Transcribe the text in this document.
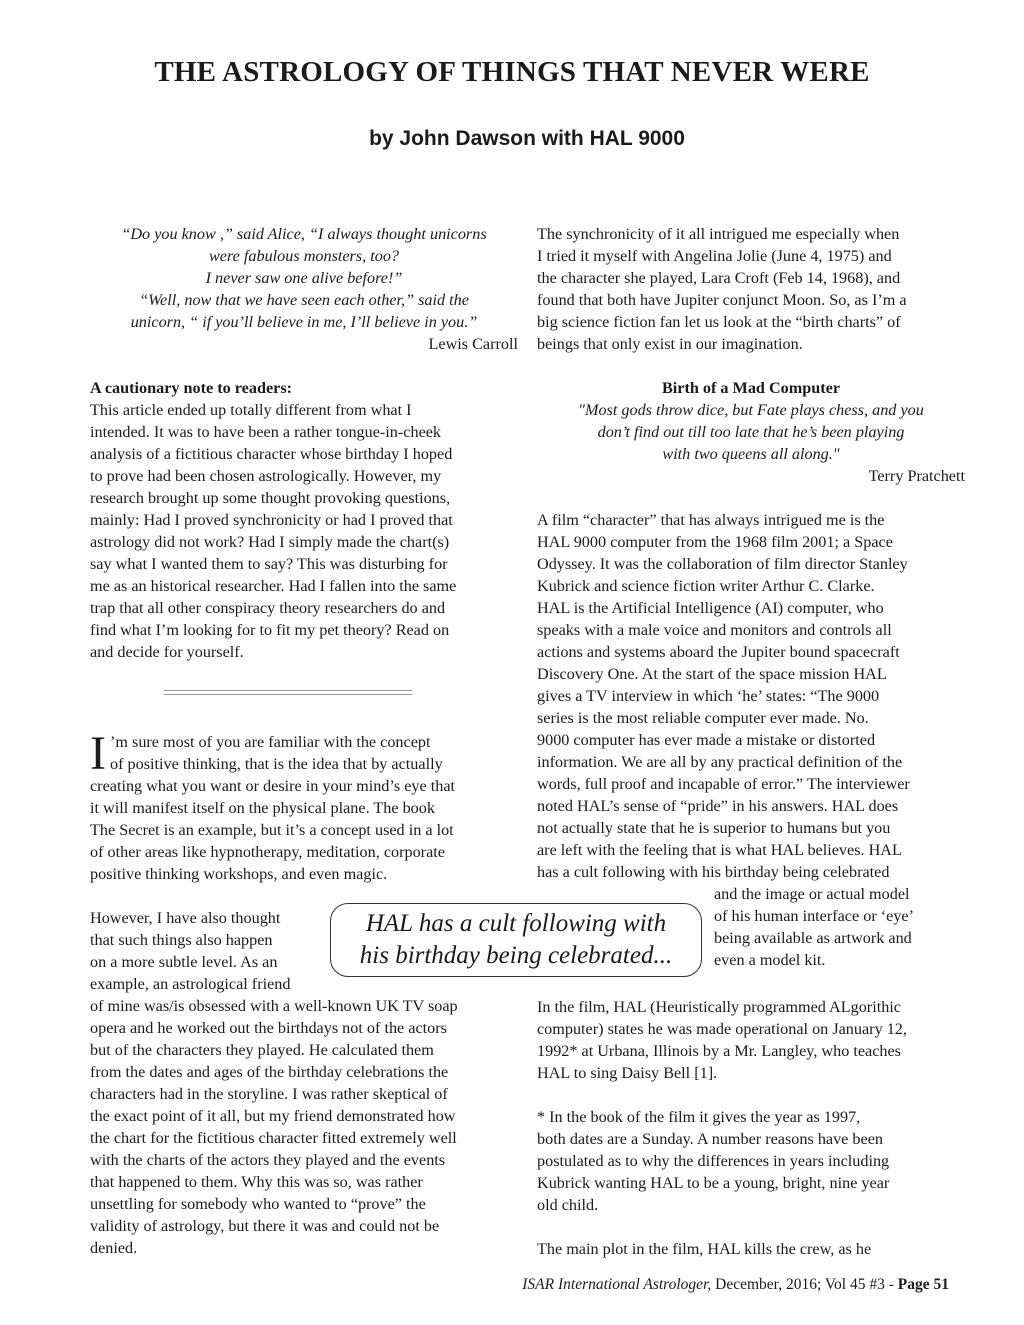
THE ASTROLOGY OF THINGS THAT NEVER WERE
by John Dawson with HAL 9000

“Do you know ,” said Alice, “I always thought unicorns

were fabulous monsters, too?

I never saw one alive before!”

“Well, now that we have seen each other,” said the

unicorn, “ if you’ll believe in me, I’ll believe in you.”

Lewis Carroll

A cautionary note to readers:

This article ended up totally different from what I

intended. It was to have been a rather tongue-in-cheek

analysis of a fictitious character whose birthday I hoped

to prove had been chosen astrologically. However, my

research brought up some thought provoking questions,

mainly: Had I proved synchronicity or had I proved that

astrology did not work? Had I simply made the chart(s)

say what I wanted them to say? This was disturbing for

me as an historical researcher. Had I fallen into the same

trap that all other conspiracy theory researchers do and

find what I’m looking for to fit my pet theory? Read on

and decide for yourself.

I ’m sure most of you are familiar with the concept

of positive thinking, that is the idea that by actually

creating what you want or desire in your mind’s eye that

it will manifest itself on the physical plane. The book

The Secret is an example, but it’s a concept used in a lot

of other areas like hypnotherapy, meditation, corporate

positive thinking workshops, and even magic.

However, I have also thought

that such things also happen

on a more subtle level. As an

example, an astrological friend

of mine was/is obsessed with a well-known UK TV soap

opera and he worked out the birthdays not of the actors

but of the characters they played. He calculated them

from the dates and ages of the birthday celebrations the

characters had in the storyline. I was rather skeptical of

the exact point of it all, but my friend demonstrated how

the chart for the fictitious character fitted extremely well

with the charts of the actors they played and the events

that happened to them. Why this was so, was rather

unsettling for somebody who wanted to “prove” the

validity of astrology, but there it was and could not be

denied.

HAL has a cult following with
his birthday being celebrated...

The synchronicity of it all intrigued me especially when

I tried it myself with Angelina Jolie (June 4, 1975) and

the character she played, Lara Croft (Feb 14, 1968), and

found that both have Jupiter conjunct Moon. So, as I’m a

big science fiction fan let us look at the “birth charts” of

beings that only exist in our imagination.

Birth of a Mad Computer

"Most gods throw dice, but Fate plays chess, and you

don’t find out till too late that he’s been playing

with two queens all along."

Terry Pratchett

A film “character” that has always intrigued me is the

HAL 9000 computer from the 1968 film 2001; a Space

Odyssey. It was the collaboration of film director Stanley

Kubrick and science fiction writer Arthur C. Clarke.

HAL is the Artificial Intelligence (AI) computer, who

speaks with a male voice and monitors and controls all

actions and systems aboard the Jupiter bound spacecraft

Discovery One. At the start of the space mission HAL

gives a TV interview in which ‘he’ states: “The 9000

series is the most reliable computer ever made. No.

9000 computer has ever made a mistake or distorted

information. We are all by any practical definition of the

words, full proof and incapable of error.” The interviewer

noted HAL’s sense of “pride” in his answers. HAL does

not actually state that he is superior to humans but you

are left with the feeling that is what HAL believes. HAL

has a cult following with his birthday being celebrated

and the image or actual model

of his human interface or ‘eye’

being available as artwork and

even a model kit.

In the film, HAL (Heuristically programmed ALgorithic

computer) states he was made operational on January 12,

1992* at Urbana, Illinois by a Mr. Langley, who teaches

HAL to sing Daisy Bell [1].

* In the book of the film it gives the year as 1997,

both dates are a Sunday. A number reasons have been

postulated as to why the differences in years including

Kubrick wanting HAL to be a young, bright, nine year

old child.

The main plot in the film, HAL kills the crew, as he

ISAR International Astrologer, December, 2016; Vol 45 #3 - Page 51
